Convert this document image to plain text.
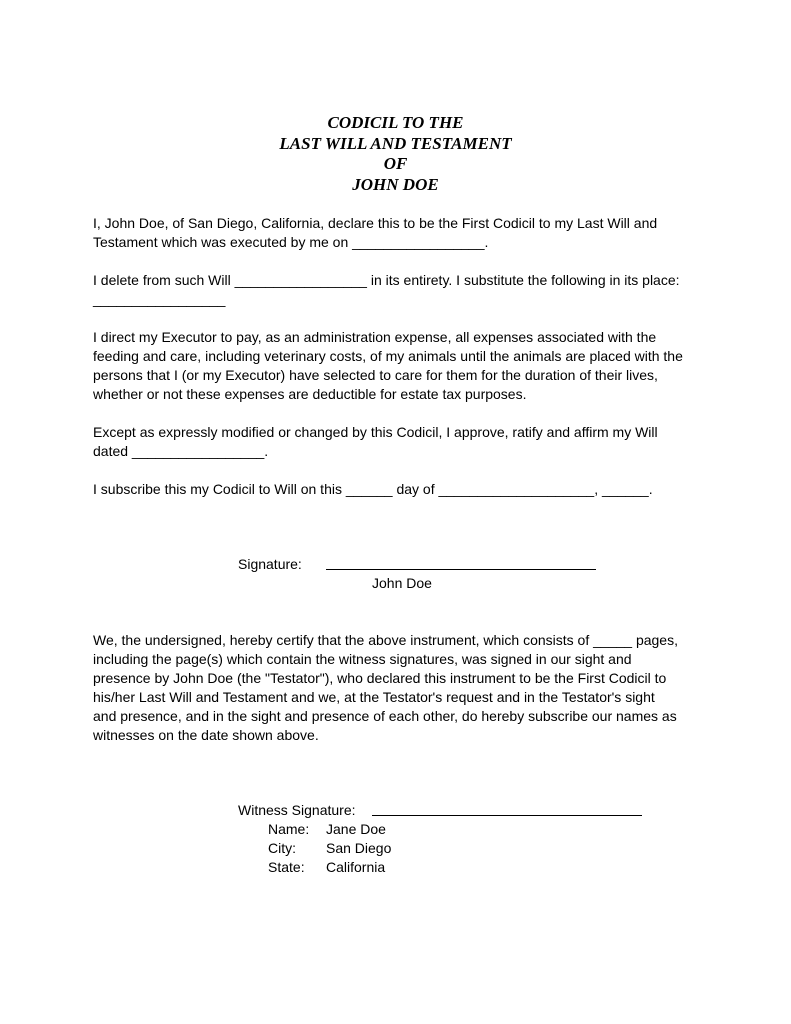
CODICIL TO THE
LAST WILL AND TESTAMENT
OF
JOHN DOE
I, John Doe, of San Diego, California, declare this to be the First Codicil to my Last Will and
Testament which was executed by me on _________________.
I delete from such Will _________________ in its entirety. I substitute the following in its place:
_________________
I direct my Executor to pay, as an administration expense, all expenses associated with the
feeding and care, including veterinary costs, of my animals until the animals are placed with the
persons that I (or my Executor) have selected to care for them for the duration of their lives,
whether or not these expenses are deductible for estate tax purposes.
Except as expressly modified or changed by this Codicil, I approve, ratify and affirm my Will
dated _________________.
I subscribe this my Codicil to Will on this ______ day of ____________________, ______.
Signature:
John Doe
We, the undersigned, hereby certify that the above instrument, which consists of _____ pages,
including the page(s) which contain the witness signatures, was signed in our sight and
presence by John Doe (the "Testator"), who declared this instrument to be the First Codicil to
his/her Last Will and Testament and we, at the Testator's request and in the Testator's sight
and presence, and in the sight and presence of each other, do hereby subscribe our names as
witnesses on the date shown above.
Witness Signature:
Name: Jane Doe
City: San Diego
State: California
